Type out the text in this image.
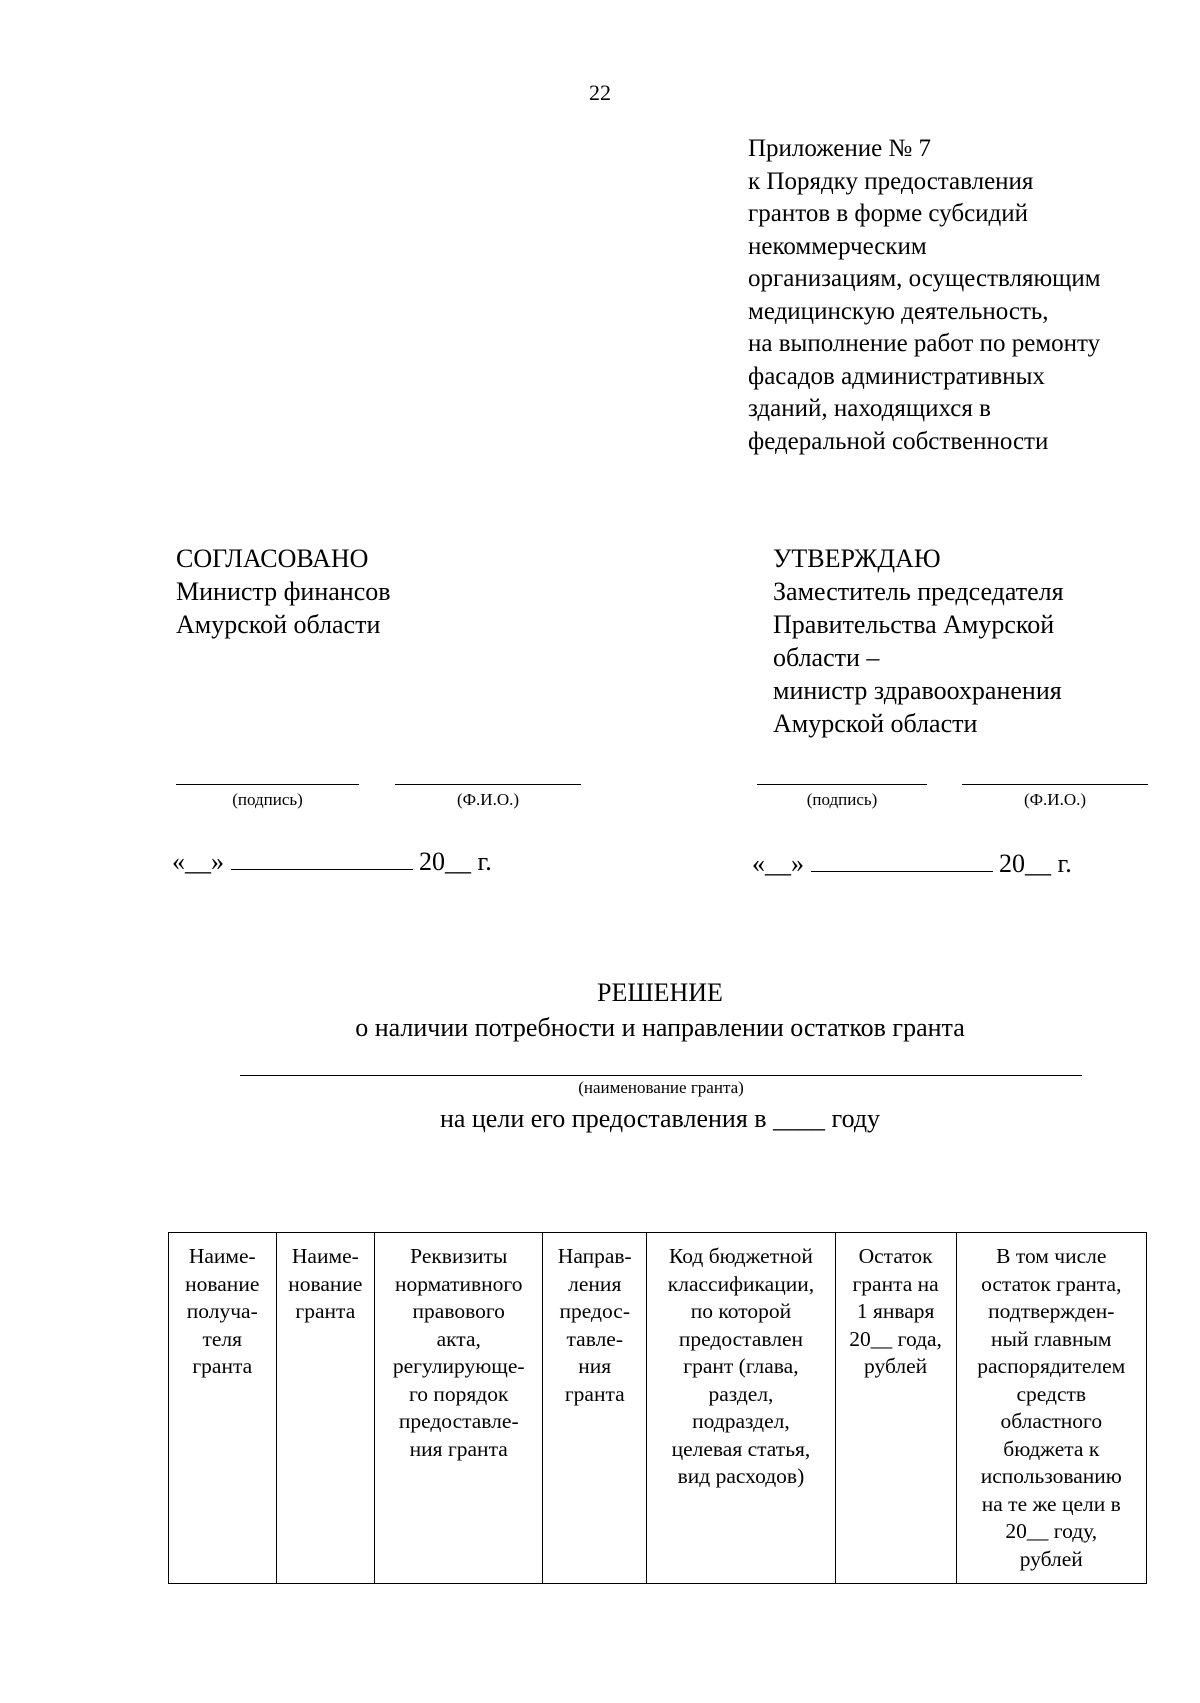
22
Приложение № 7
к Порядку предоставления
грантов в форме субсидий
некоммерческим
организациям, осуществляющим
медицинскую деятельность,
на выполнение работ по ремонту
фасадов административных
зданий, находящихся в
федеральной собственности
СОГЛАСОВАНО
Министр финансов
Амурской области
УТВЕРЖДАЮ
Заместитель председателя
Правительства Амурской
области –
министр здравоохранения
Амурской области
(подпись)	(Ф.И.О.)	(подпись)	(Ф.И.О.)
«__»	20__ г.	«__»	20__ г.
РЕШЕНИЕ
о наличии потребности и направлении остатков гранта
(наименование гранта)
на цели его предоставления в ____ году
Наиме-
нование
получа-
теля
гранта	Наиме-
нование
гранта	Реквизиты
нормативного
правового
акта,
регулирующе-
го порядок
предоставле-
ния гранта	Направ-
ления
предос-
тавле-
ния
гранта	Код бюджетной
классификации,
по которой
предоставлен
грант (глава,
раздел,
подраздел,
целевая статья,
вид расходов)	Остаток
гранта на
1 января
20__ года,
рублей	В том числе
остаток гранта,
подтвержден-
ный главным
распорядителем
средств
областного
бюджета к
использованию
на те же цели в
20__ году,
рублей
